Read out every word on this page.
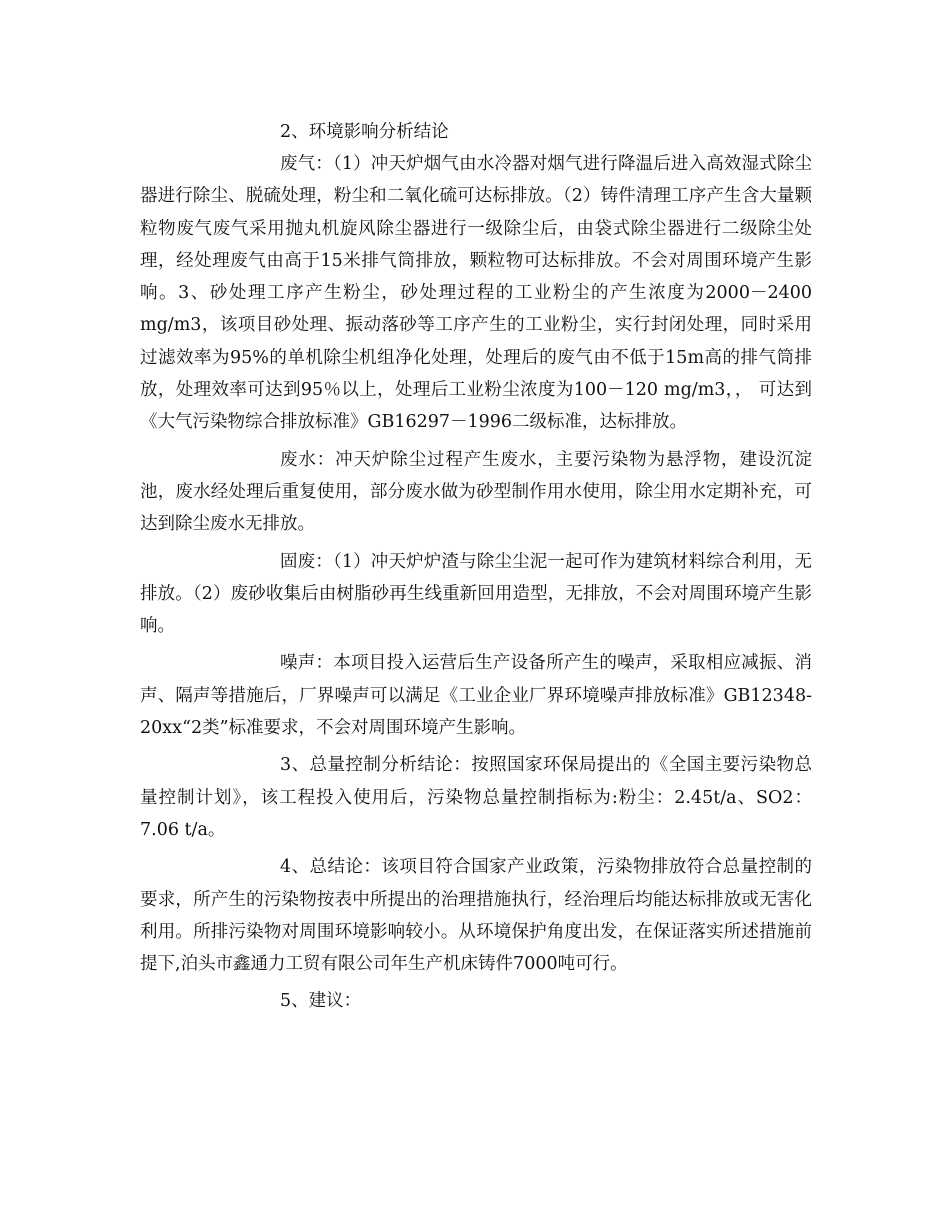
2、环境影响分析结论

废气：（1）冲天炉烟气由水冷器对烟气进行降温后进入高效湿式除尘器进行除尘、脱硫处理，粉尘和二氧化硫可达标排放。（2）铸件清理工序产生含大量颗粒物废气废气采用抛丸机旋风除尘器进行一级除尘后，由袋式除尘器进行二级除尘处理，经处理废气由高于15米排气筒排放，颗粒物可达标排放。不会对周围环境产生影响。3、砂处理工序产生粉尘，砂处理过程的工业粉尘的产生浓度为2000－2400 mg/m3，该项目砂处理、振动落砂等工序产生的工业粉尘，实行封闭处理，同时采用过滤效率为95%的单机除尘机组净化处理，处理后的废气由不低于15m高的排气筒排放，处理效率可达到95％以上，处理后工业粉尘浓度为100－120 mg/m3，， 可达到《大气污染物综合排放标准》GB16297－1996二级标准，达标排放。

废水：冲天炉除尘过程产生废水，主要污染物为悬浮物，建设沉淀池，废水经处理后重复使用，部分废水做为砂型制作用水使用，除尘用水定期补充，可达到除尘废水无排放。

固废：（1）冲天炉炉渣与除尘尘泥一起可作为建筑材料综合利用，无排放。（2）废砂收集后由树脂砂再生线重新回用造型，无排放，不会对周围环境产生影响。

噪声：本项目投入运营后生产设备所产生的噪声，采取相应减振、消声、隔声等措施后，厂界噪声可以满足《工业企业厂界环境噪声排放标准》GB12348-20xx“2类”标准要求，不会对周围环境产生影响。

3、总量控制分析结论：按照国家环保局提出的《全国主要污染物总量控制计划》，该工程投入使用后，污染物总量控制指标为:粉尘：2.45t/a、SO2：7.06 t/a。

4、总结论：该项目符合国家产业政策，污染物排放符合总量控制的要求，所产生的污染物按表中所提出的治理措施执行，经治理后均能达标排放或无害化利用。所排污染物对周围环境影响较小。从环境保护角度出发，在保证落实所述措施前提下,泊头市鑫通力工贸有限公司年生产机床铸件7000吨可行。

5、建议：
